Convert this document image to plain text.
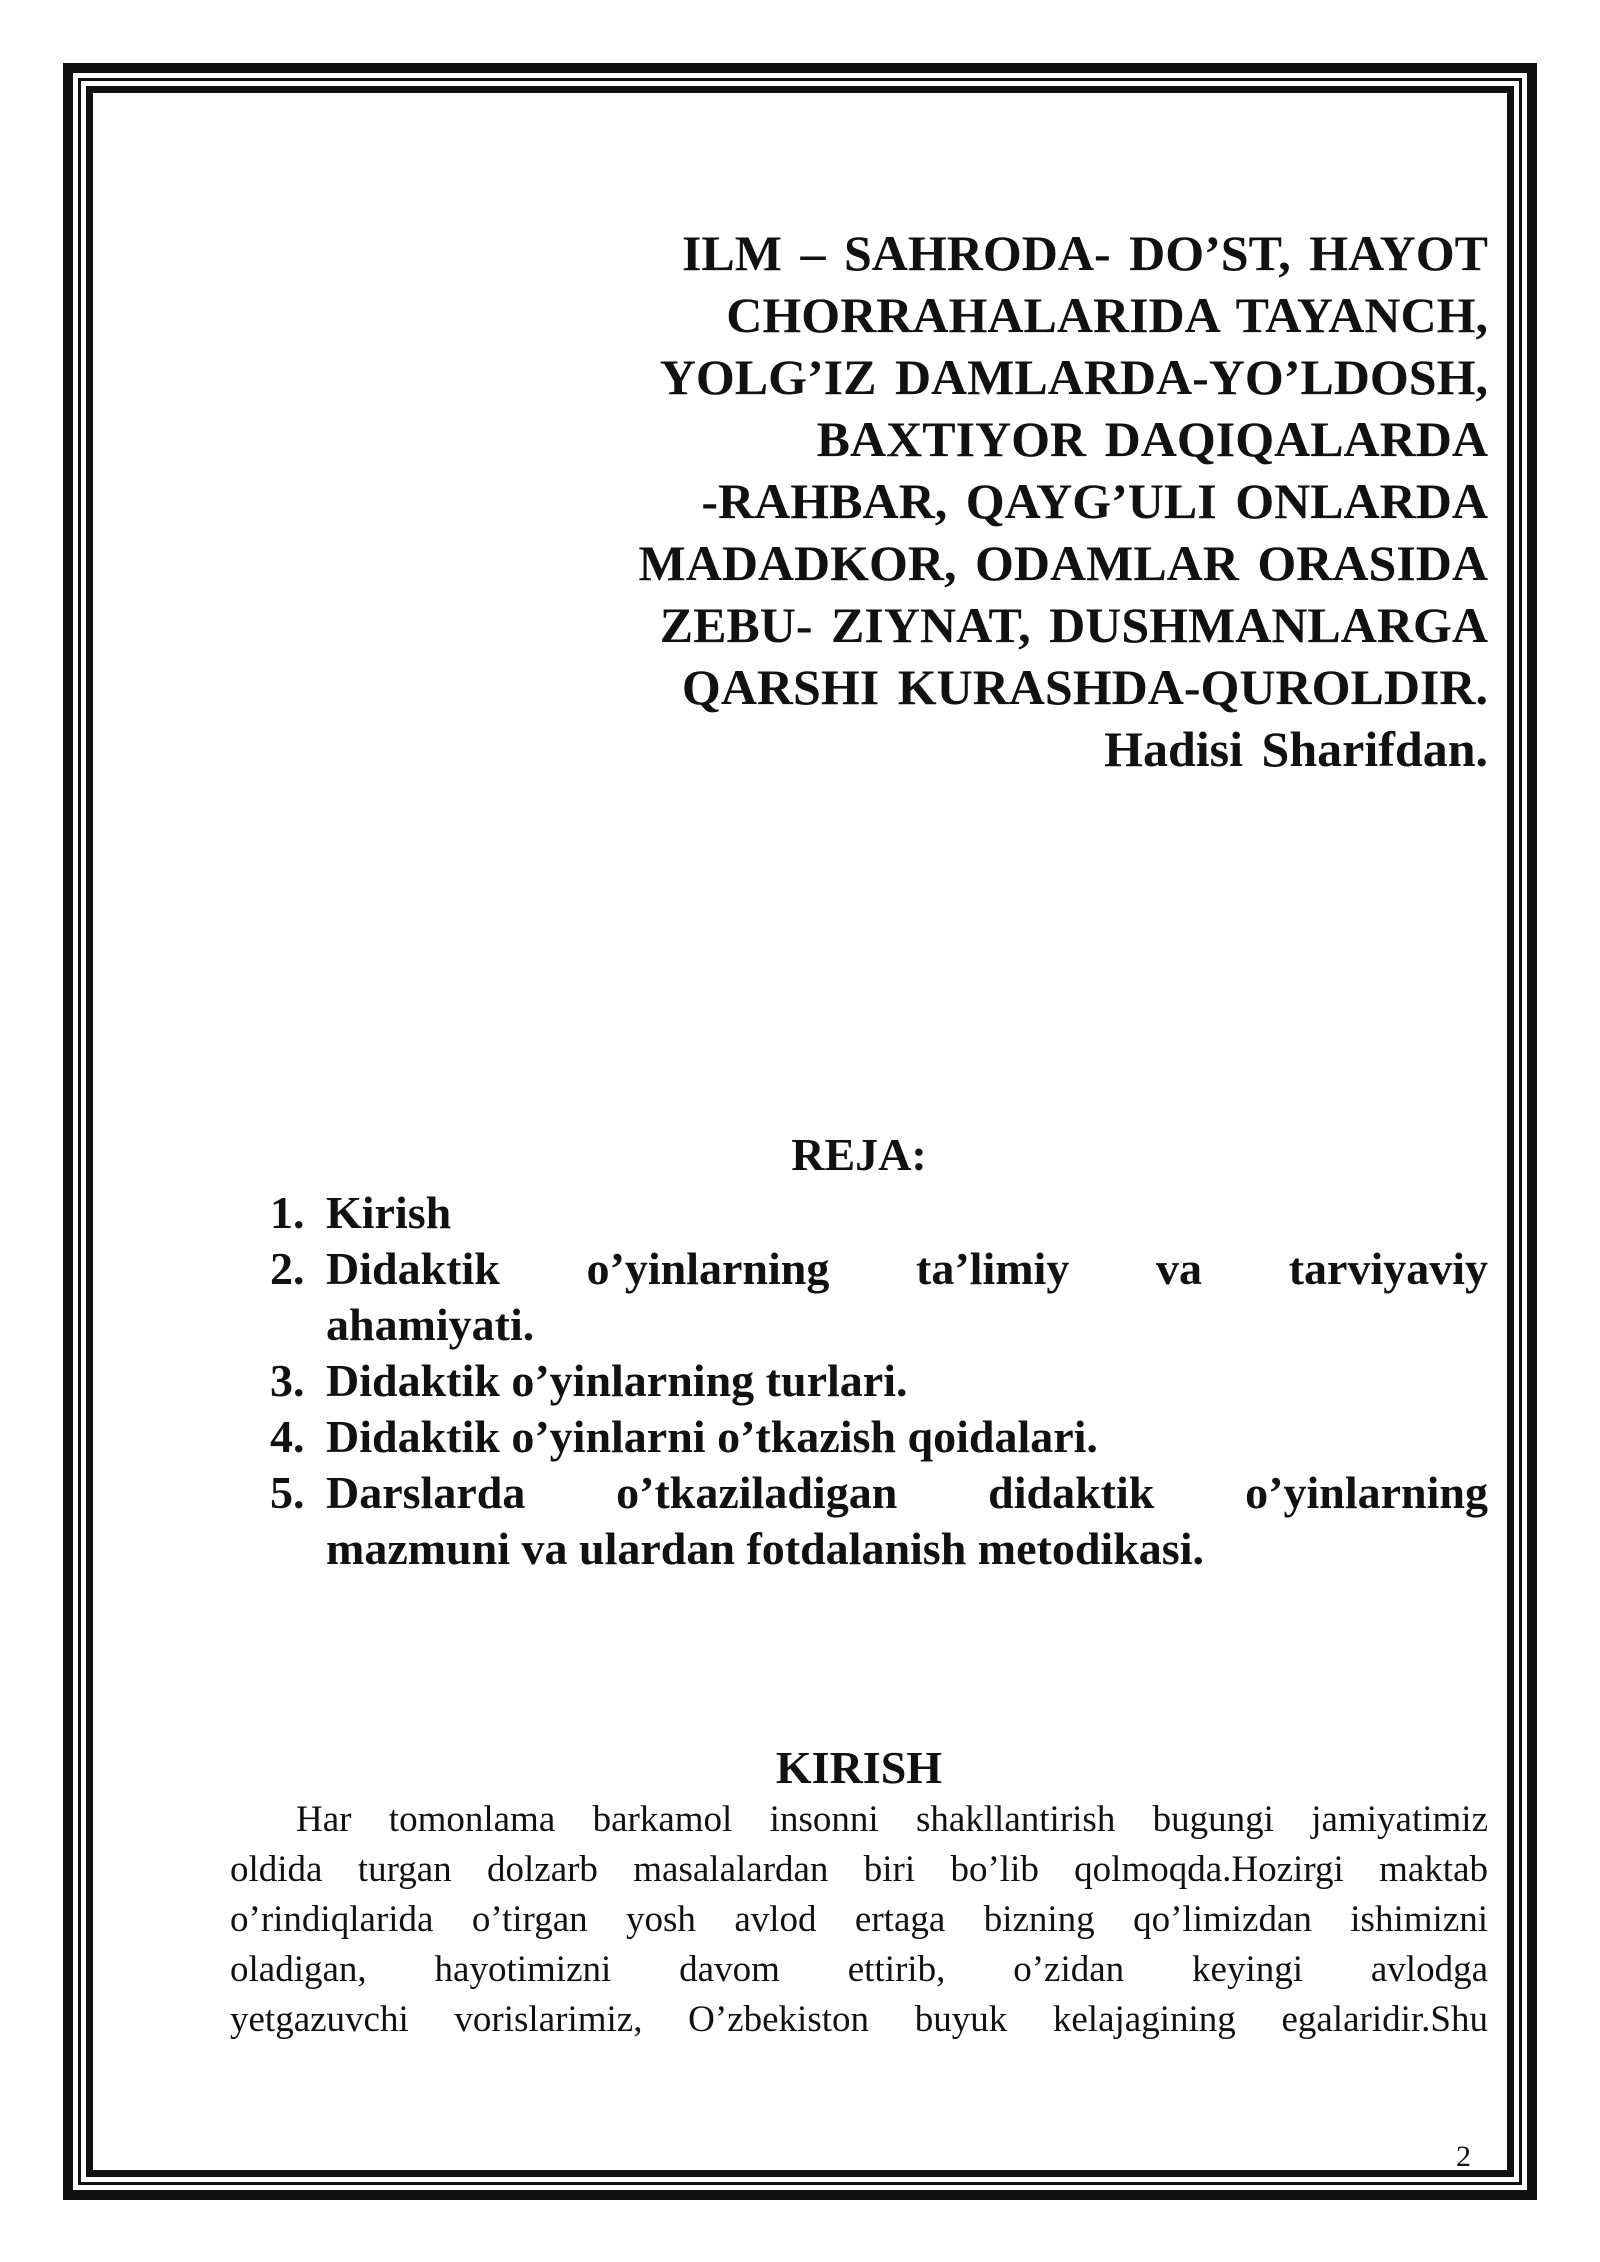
ILM – SAHRODA- DO’ST, HAYOT
CHORRAHALARIDA TAYANCH,
YOLG’IZ DAMLARDA-YO’LDOSH,
BAXTIYOR DAQIQALARDA
-RAHBAR, QAYG’ULI ONLARDA
MADADKOR, ODAMLAR ORASIDA
ZEBU- ZIYNAT, DUSHMANLARGA
QARSHI KURASHDA-QUROLDIR.
Hadisi Sharifdan.
REJA:
1. Kirish
2. Didaktik o’yinlarning ta’limiy va tarviyaviy
ahamiyati.
3. Didaktik o’yinlarning turlari.
4. Didaktik o’yinlarni o’tkazish qoidalari.
5. Darslarda o’tkaziladigan didaktik o’yinlarning
mazmuni va ulardan fotdalanish metodikasi.
KIRISH
Har tomonlama barkamol insonni shakllantirish bugungi jamiyatimiz
oldida turgan dolzarb masalalardan biri bo’lib qolmoqda.Hozirgi maktab
o’rindiqlarida o’tirgan yosh avlod ertaga bizning qo’limizdan ishimizni
oladigan, hayotimizni davom ettirib, o’zidan keyingi avlodga
yetgazuvchi vorislarimiz, O’zbekiston buyuk kelajagining egalaridir.Shu
2
